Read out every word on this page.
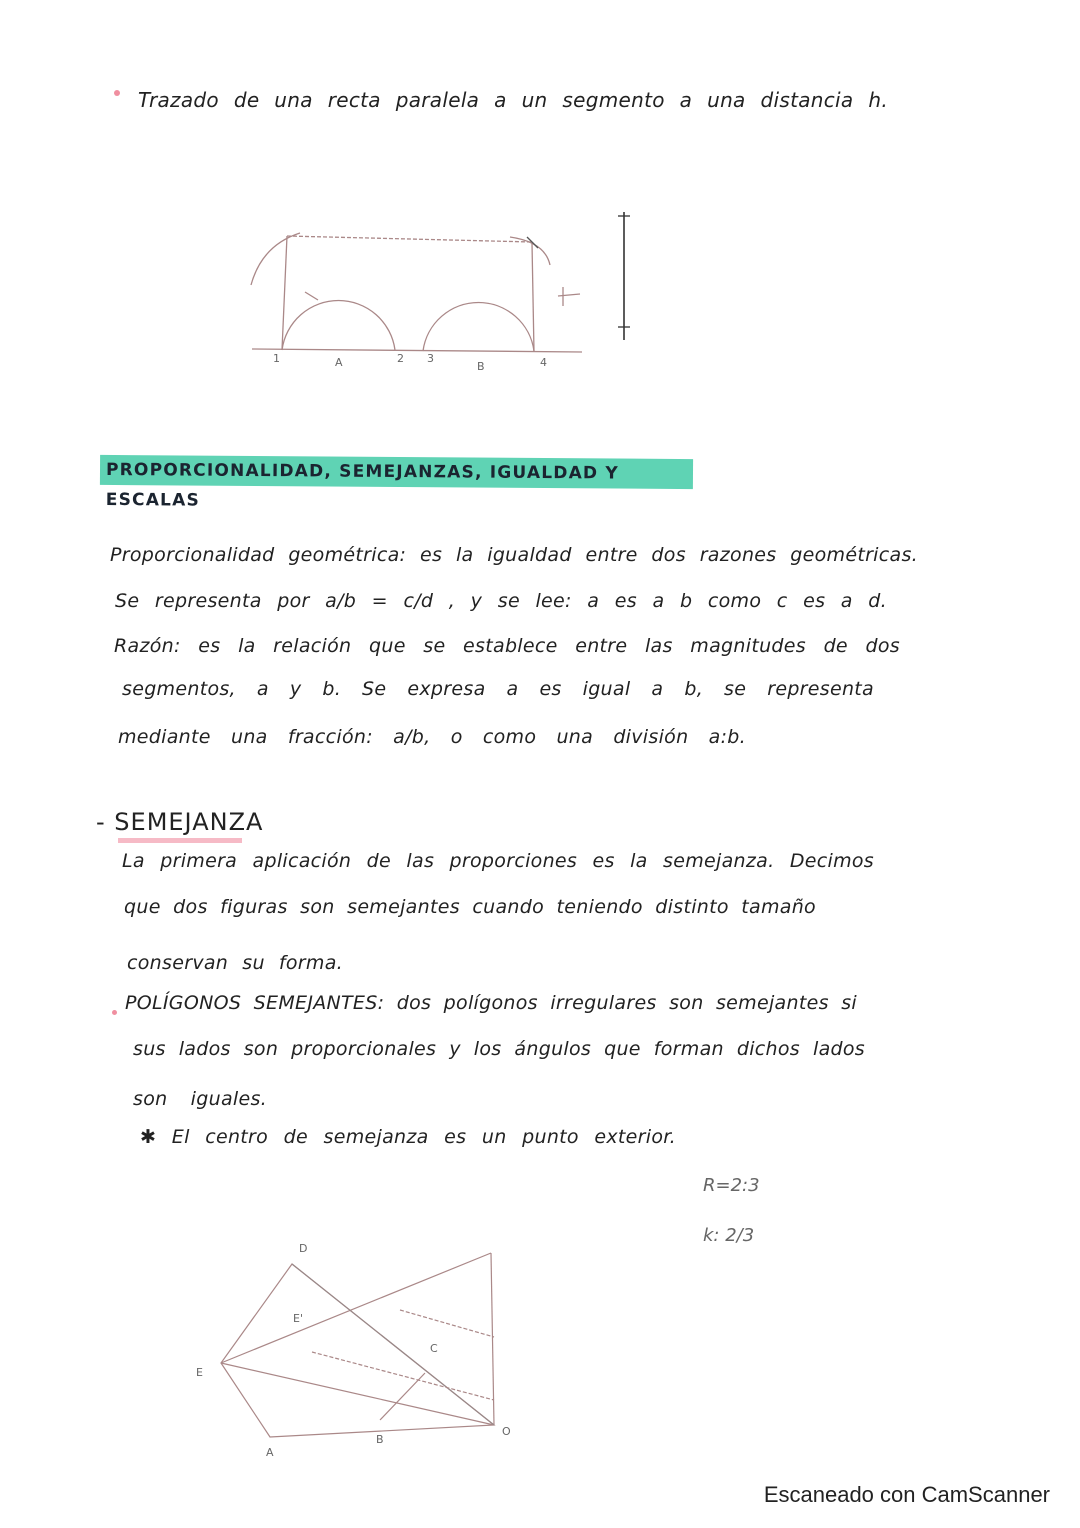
Trazado de una recta paralela a un segmento a una distancia h.
1	A	2 3
B	4
D
E
A
O
C
E'
B
PROPORCIONALIDAD, SEMEJANZAS, IGUALDAD Y ESCALAS
Proporcionalidad geométrica: es la igualdad entre dos razones geométricas.
Se representa por a/b = c/d , y se lee: a es a b como c es a d.
Razón: es la relación que se establece entre las magnitudes de dos
segmentos, a y b. Se expresa a es igual a b, se representa
mediante una fracción: a/b, o como una división a:b.
- SEMEJANZA
La primera aplicación de las proporciones es la semejanza. Decimos
que dos figuras son semejantes cuando teniendo distinto tamaño
conservan su forma.
POLÍGONOS SEMEJANTES: dos polígonos irregulares son semejantes si
sus lados son proporcionales y los ángulos que forman dichos lados
son iguales.
✱ El centro de semejanza es un punto exterior.
R=2:3
k: 2/3
Escaneado con CamScanner
